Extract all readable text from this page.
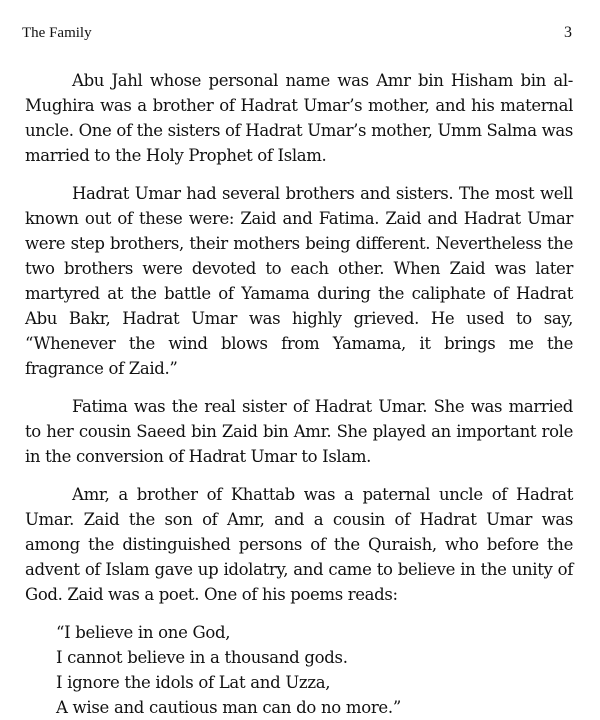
The Family	3

Abu Jahl whose personal name was Amr bin Hisham bin al-Mughira was a brother of Hadrat Umar’s mother, and his maternal uncle. One of the sisters of Hadrat Umar’s mother, Umm Salma was married to the Holy Prophet of Islam.

Hadrat Umar had several brothers and sisters. The most well known out of these were: Zaid and Fatima. Zaid and Hadrat Umar were step brothers, their mothers being different. Nevertheless the two brothers were devoted to each other. When Zaid was later martyred at the battle of Yamama during the caliphate of Hadrat Abu Bakr, Hadrat Umar was highly grieved. He used to say, “Whenever the wind blows from Yamama, it brings me the fragrance of Zaid.”

Fatima was the real sister of Hadrat Umar. She was married to her cousin Saeed bin Zaid bin Amr. She played an important role in the conversion of Hadrat Umar to Islam.

Amr, a brother of Khattab was a paternal uncle of Hadrat Umar. Zaid the son of Amr, and a cousin of Hadrat Umar was among the distinguished persons of the Quraish, who before the advent of Islam gave up idolatry, and came to believe in the unity of God. Zaid was a poet. One of his poems reads:

“I believe in one God,
I cannot believe in a thousand gods.
I ignore the idols of Lat and Uzza,
A wise and cautious man can do no more.”
